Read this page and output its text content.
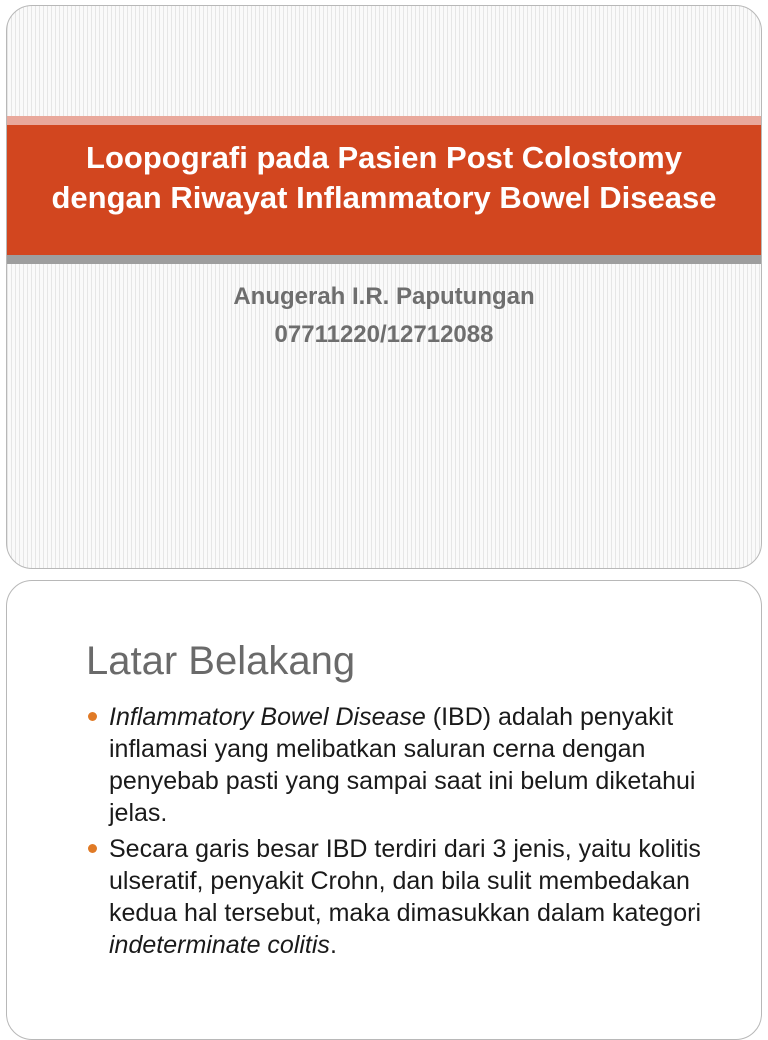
Loopografi pada Pasien Post Colostomy dengan Riwayat Inflammatory Bowel Disease
Anugerah I.R. Paputungan
07711220/12712088
Latar Belakang
Inflammatory Bowel Disease (IBD) adalah penyakit inflamasi yang melibatkan saluran cerna dengan penyebab pasti yang sampai saat ini belum diketahui jelas.
Secara garis besar IBD terdiri dari 3 jenis, yaitu kolitis ulseratif, penyakit Crohn, dan bila sulit membedakan kedua hal tersebut, maka dimasukkan dalam kategori indeterminate colitis.
